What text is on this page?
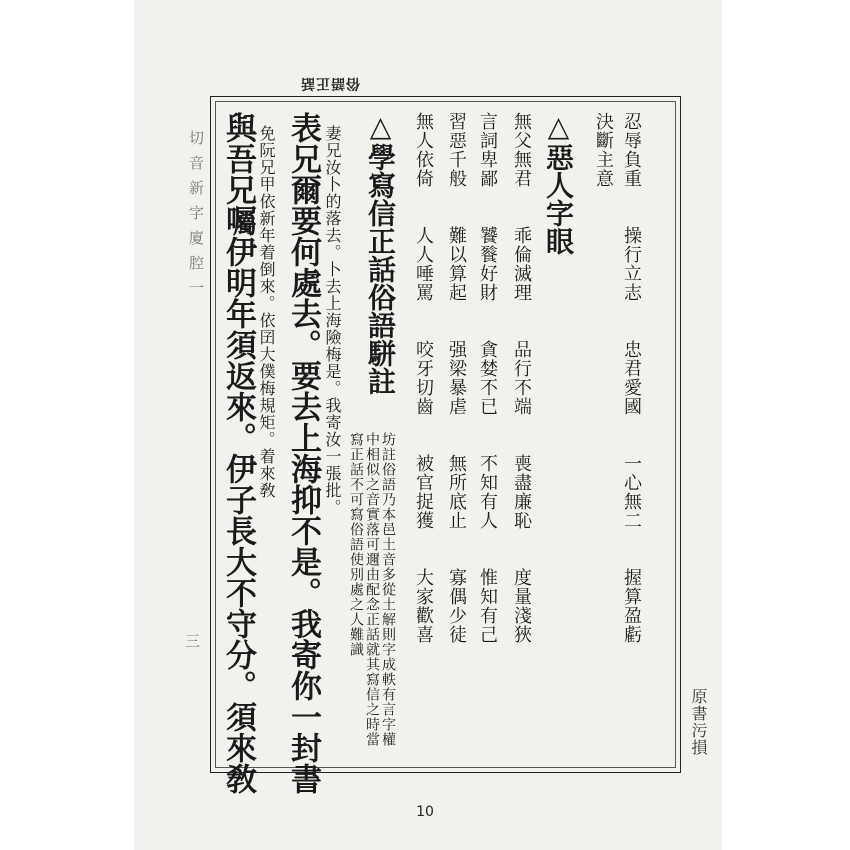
俗語正話
切音新字廈腔一
三	忍辱負重　　操行立志　　忠君愛國　　一心無二　　握算盈虧
決斷主意
△惡人字眼
無父無君　　乖倫滅理　　品行不端　　喪盡廉恥　　度量淺狹
言詞卑鄙　　饕餮好財　　貪婪不已　　不知有人　　惟知有己
習惡千般　　難以算起　　强梁暴虐　　無所底止　　寡偶少徒
無人依倚　　人人唾罵　　咬牙切齒　　被官捉獲　　大家歡喜
△學寫信正話俗語駢註
坊註俗語乃本邑土音多從土解則字成軼有言字權
中相似之音實落可邇由配念正話就其寫信之時當
寫正話不可寫俗語使別處之人難識
妻兄汝卜的落去。卜去上海險梅是。我寄汝一張批。
表兄爾要何處去。要去上海抑不是。我寄你一封書
免阮兄甲依新年着倒來。依囝大僕梅規矩。着來敎
與吾兄囑伊明年須返來。伊子長大不守分。須來敎	原書污損
10
